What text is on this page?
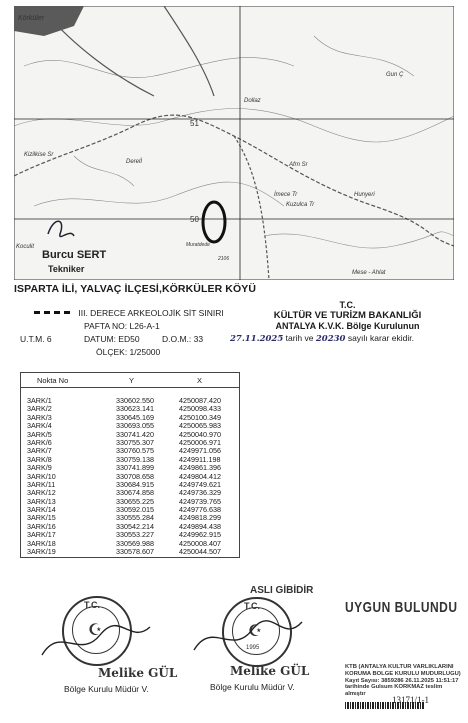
Körküler
Gun Ç
Dollaz
51
50
Kizilkise Sr
Derelİ	Afrn Sr
İmece Tr
Kuzulca Tr
Hunyeri
Koculit
Mese - Ahlat
Muratdede
2106
Burcu SERT
Tekniker
ISPARTA İLİ, YALVAÇ İLÇESİ,KÖRKÜLER KÖYÜ
III. DERECE ARKEOLOJİK SİT SINIRI
PAFTA NO: L26-A-1
U.T.M. 6	DATUM: ED50	D.O.M.: 33
ÖLÇEK: 1/25000
T.C.
KÜLTÜR VE TURİZM BAKANLIĞI
ANTALYA K.V.K. Bölge Kurulunun
27.11.2025 tarih ve 20230 sayılı karar ekidir.
Nokta No	Y	X
3ARK/1	330602.550	4250087.420
3ARK/2	330623.141	4250098.433
3ARK/3	330645.169	4250100.349
3ARK/4	330693.055	4250065.983
3ARK/5	330741.420	4250040.970
3ARK/6	330755.307	4250006.971
3ARK/7	330760.575	4249971.056
3ARK/8	330759.138	4249911.198
3ARK/9	330741.899	4249861.396
3ARK/10	330708.658	4249804.412
3ARK/11	330684.915	4249749.621
3ARK/12	330674.858	4249736.329
3ARK/13	330655.225	4249739.765
3ARK/14	330592.015	4249776.638
3ARK/15	330555.284	4249818.299
3ARK/16	330542.214	4249894.438
3ARK/17	330553.227	4249962.915
3ARK/18	330569.988	4250008.407
3ARK/19	330578.607	4250044.507
ASLI GİBİDİR
☪
T.C.
Melike GÜL
Bölge Kurulu Müdür V.
☪
T.C.
1995
Melike GÜL
Bölge Kurulu Müdür V.
UYGUN BULUNDU
KTB (ANTALYA KULTUR VARLIKLARINI KORUMA BOLGE KURULU MUDURLUGU) Kayıt Sayısı: 3859286 26.11.2025 11:51:17 tarihinde Gulsum KORKMAZ teslim almıştır
13171/1-1
